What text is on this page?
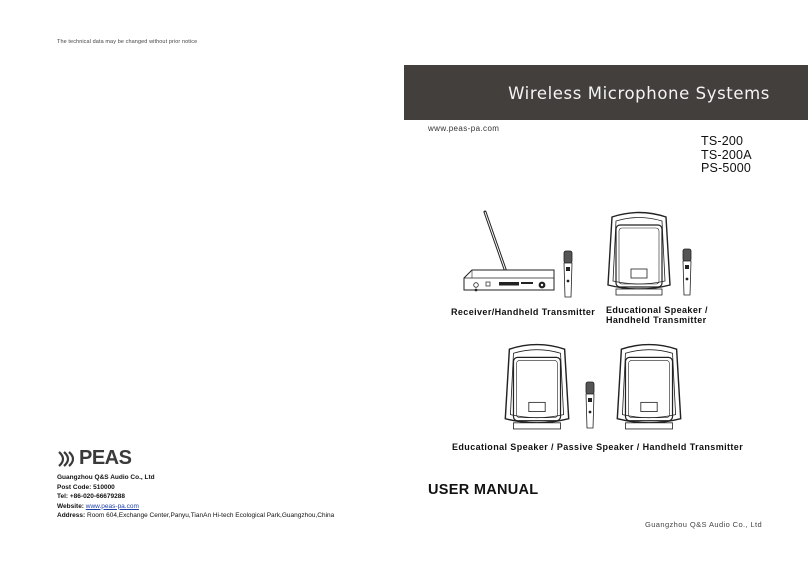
The technical data may be changed without prior notice
Wireless Microphone Systems
www.peas-pa.com
TS-200
TS-200A
PS-5000
Receiver/Handheld Transmitter Educational Speaker /
Handheld Transmitter
Educational Speaker / Passive Speaker / Handheld Transmitter
PEAS
Guangzhou Q&S Audio Co., Ltd
Post Code: 510000
Tel: +86-020-66679288
Website: www.peas-pa.com
Address: Room 604,Exchange Center,Panyu,TianAn Hi-tech Ecological Park,Guangzhou,China
USER MANUAL
Guangzhou Q&S Audio Co., Ltd
